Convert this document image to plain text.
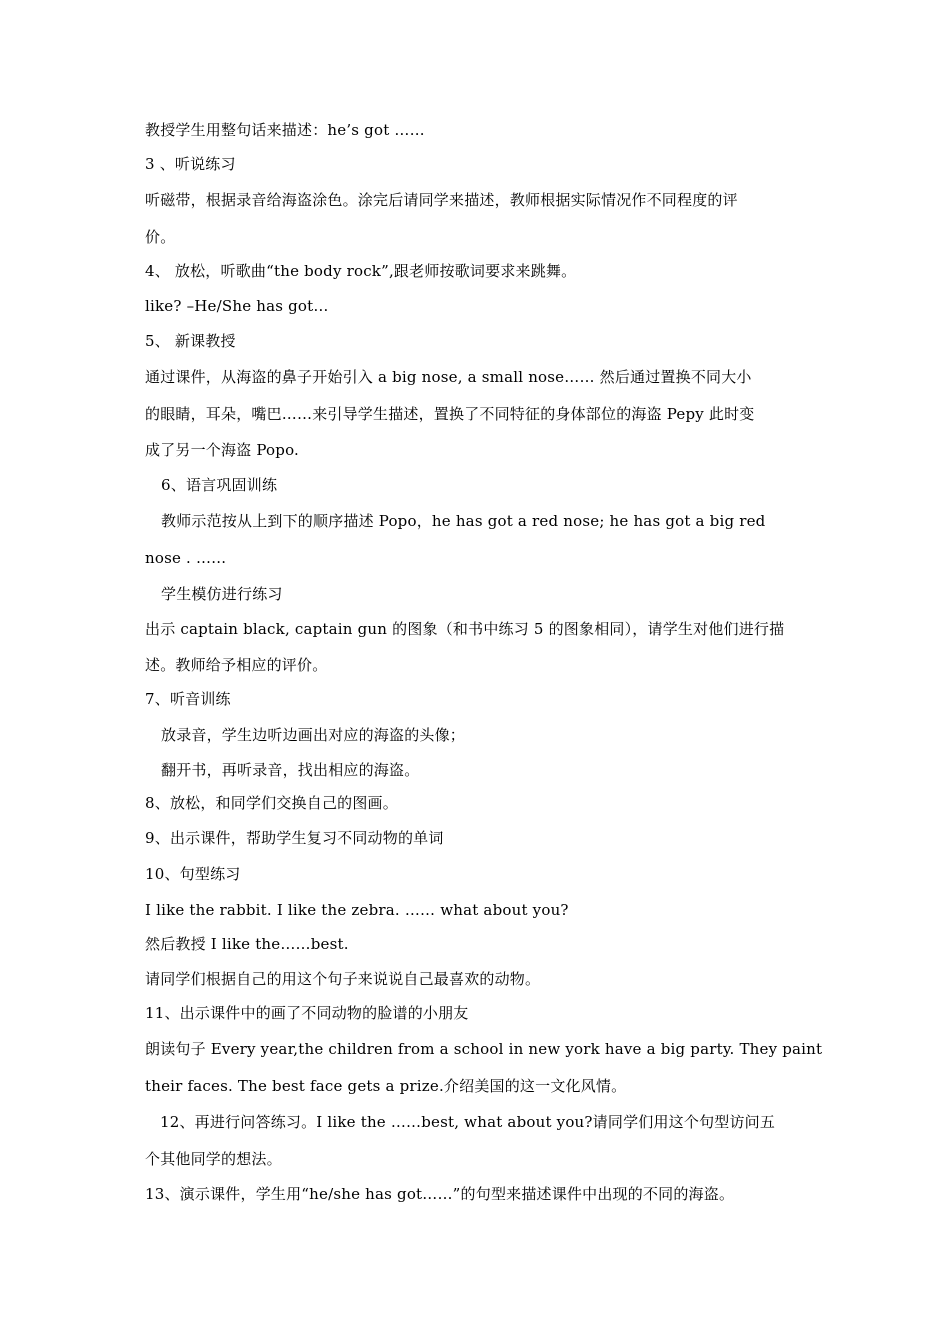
教授学生用整句话来描述：he’s got ……
3 、听说练习
听磁带，根据录音给海盗涂色。涂完后请同学来描述，教师根据实际情况作不同程度的评
价。
4、 放松，听歌曲“the body rock”,跟老师按歌词要求来跳舞。
like? –He/She has got…
5、 新课教授
通过课件，从海盗的鼻子开始引入 a big nose, a small nose…… 然后通过置换不同大小
的眼睛，耳朵，嘴巴……来引导学生描述，置换了不同特征的身体部位的海盗 Pepy 此时变
成了另一个海盗 Popo.
6、语言巩固训练
教师示范按从上到下的顺序描述 Popo，he has got a red nose; he has got a big red
nose . ……
学生模仿进行练习
出示 captain black, captain gun 的图象（和书中练习 5 的图象相同），请学生对他们进行描
述。教师给予相应的评价。
7、听音训练
放录音，学生边听边画出对应的海盗的头像；
翻开书，再听录音，找出相应的海盗。
8、放松，和同学们交换自己的图画。
9、出示课件，帮助学生复习不同动物的单词
10、句型练习
I like the rabbit. I like the zebra. …… what about you?
然后教授 I like the……best.
请同学们根据自己的用这个句子来说说自己最喜欢的动物。
11、出示课件中的画了不同动物的脸谱的小朋友
朗读句子 Every year,the children from a school in new york have a big party. They paint
their faces. The best face gets a prize.介绍美国的这一文化风情。
12、再进行问答练习。I like the ……best, what about you?请同学们用这个句型访问五
个其他同学的想法。
13、演示课件，学生用“he/she has got……”的句型来描述课件中出现的不同的海盗。
